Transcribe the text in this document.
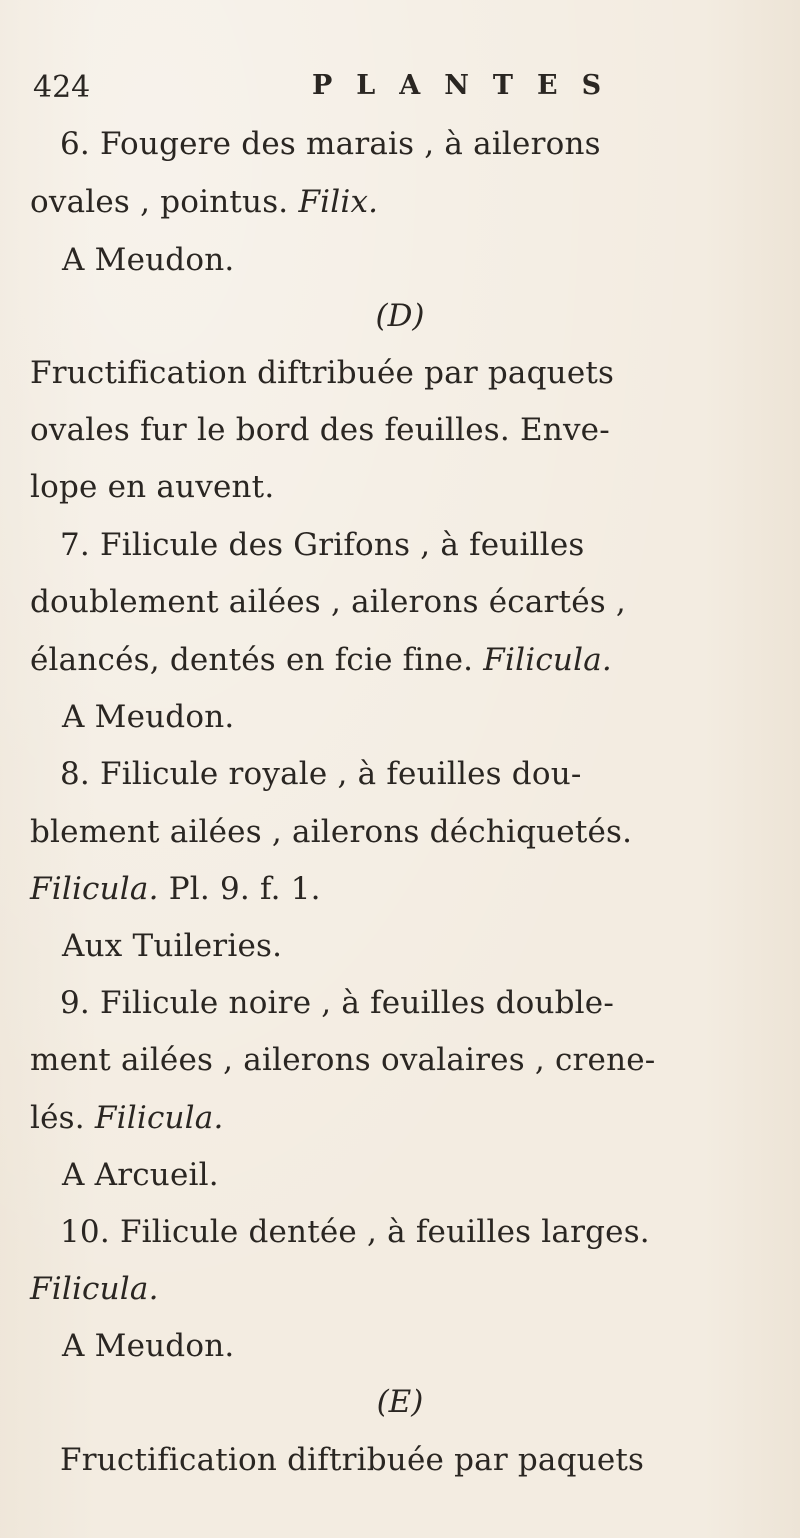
424	PLANTES
6. Fougere des marais , à ailerons
ovales , pointus. Filix.
A Meudon.
(D)
Fructification diftribuée par paquets
ovales fur le bord des feuilles. Enve-
lope en auvent.
7. Filicule des Grifons , à feuilles
doublement ailées , ailerons écartés ,
élancés, dentés en fcie fine. Filicula.
A Meudon.
8. Filicule royale , à feuilles dou-
blement ailées , ailerons déchiquetés.
Filicula. Pl. 9. f. 1.
Aux Tuileries.
9. Filicule noire , à feuilles double-
ment ailées , ailerons ovalaires , crene-
lés. Filicula.
A Arcueil.
10. Filicule dentée , à feuilles larges.
Filicula.
A Meudon.
(E)
Fructification diftribuée par paquets
